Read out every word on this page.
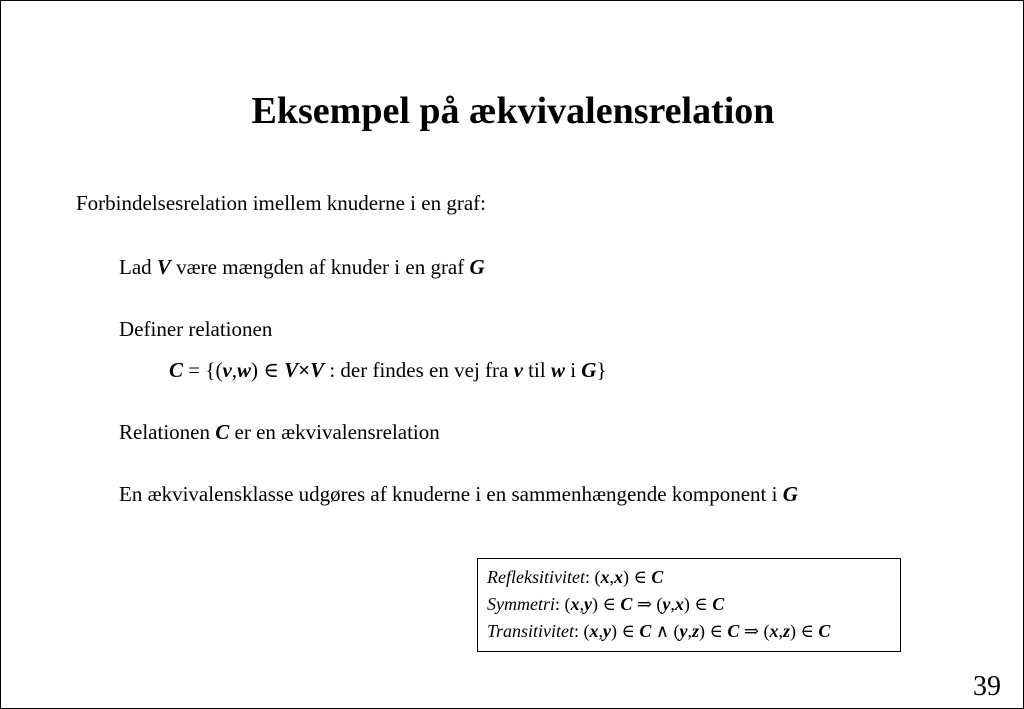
Eksempel på ækvivalensrelation
Forbindelsesrelation imellem knuderne i en graf:
Lad V være mængden af knuder i en graf G
Definer relationen
C = {(v,w) ∈ V×V : der findes en vej fra v til w i G}
Relationen C er en ækvivalensrelation
En ækvivalensklasse udgøres af knuderne i en sammenhængende komponent i G
Refleksitivitet: (x,x) ∈ C
Symmetri: (x,y) ∈ C ⇒ (y,x) ∈ C
Transitivitet: (x,y) ∈ C ∧ (y,z) ∈ C ⇒ (x,z) ∈ C
39
